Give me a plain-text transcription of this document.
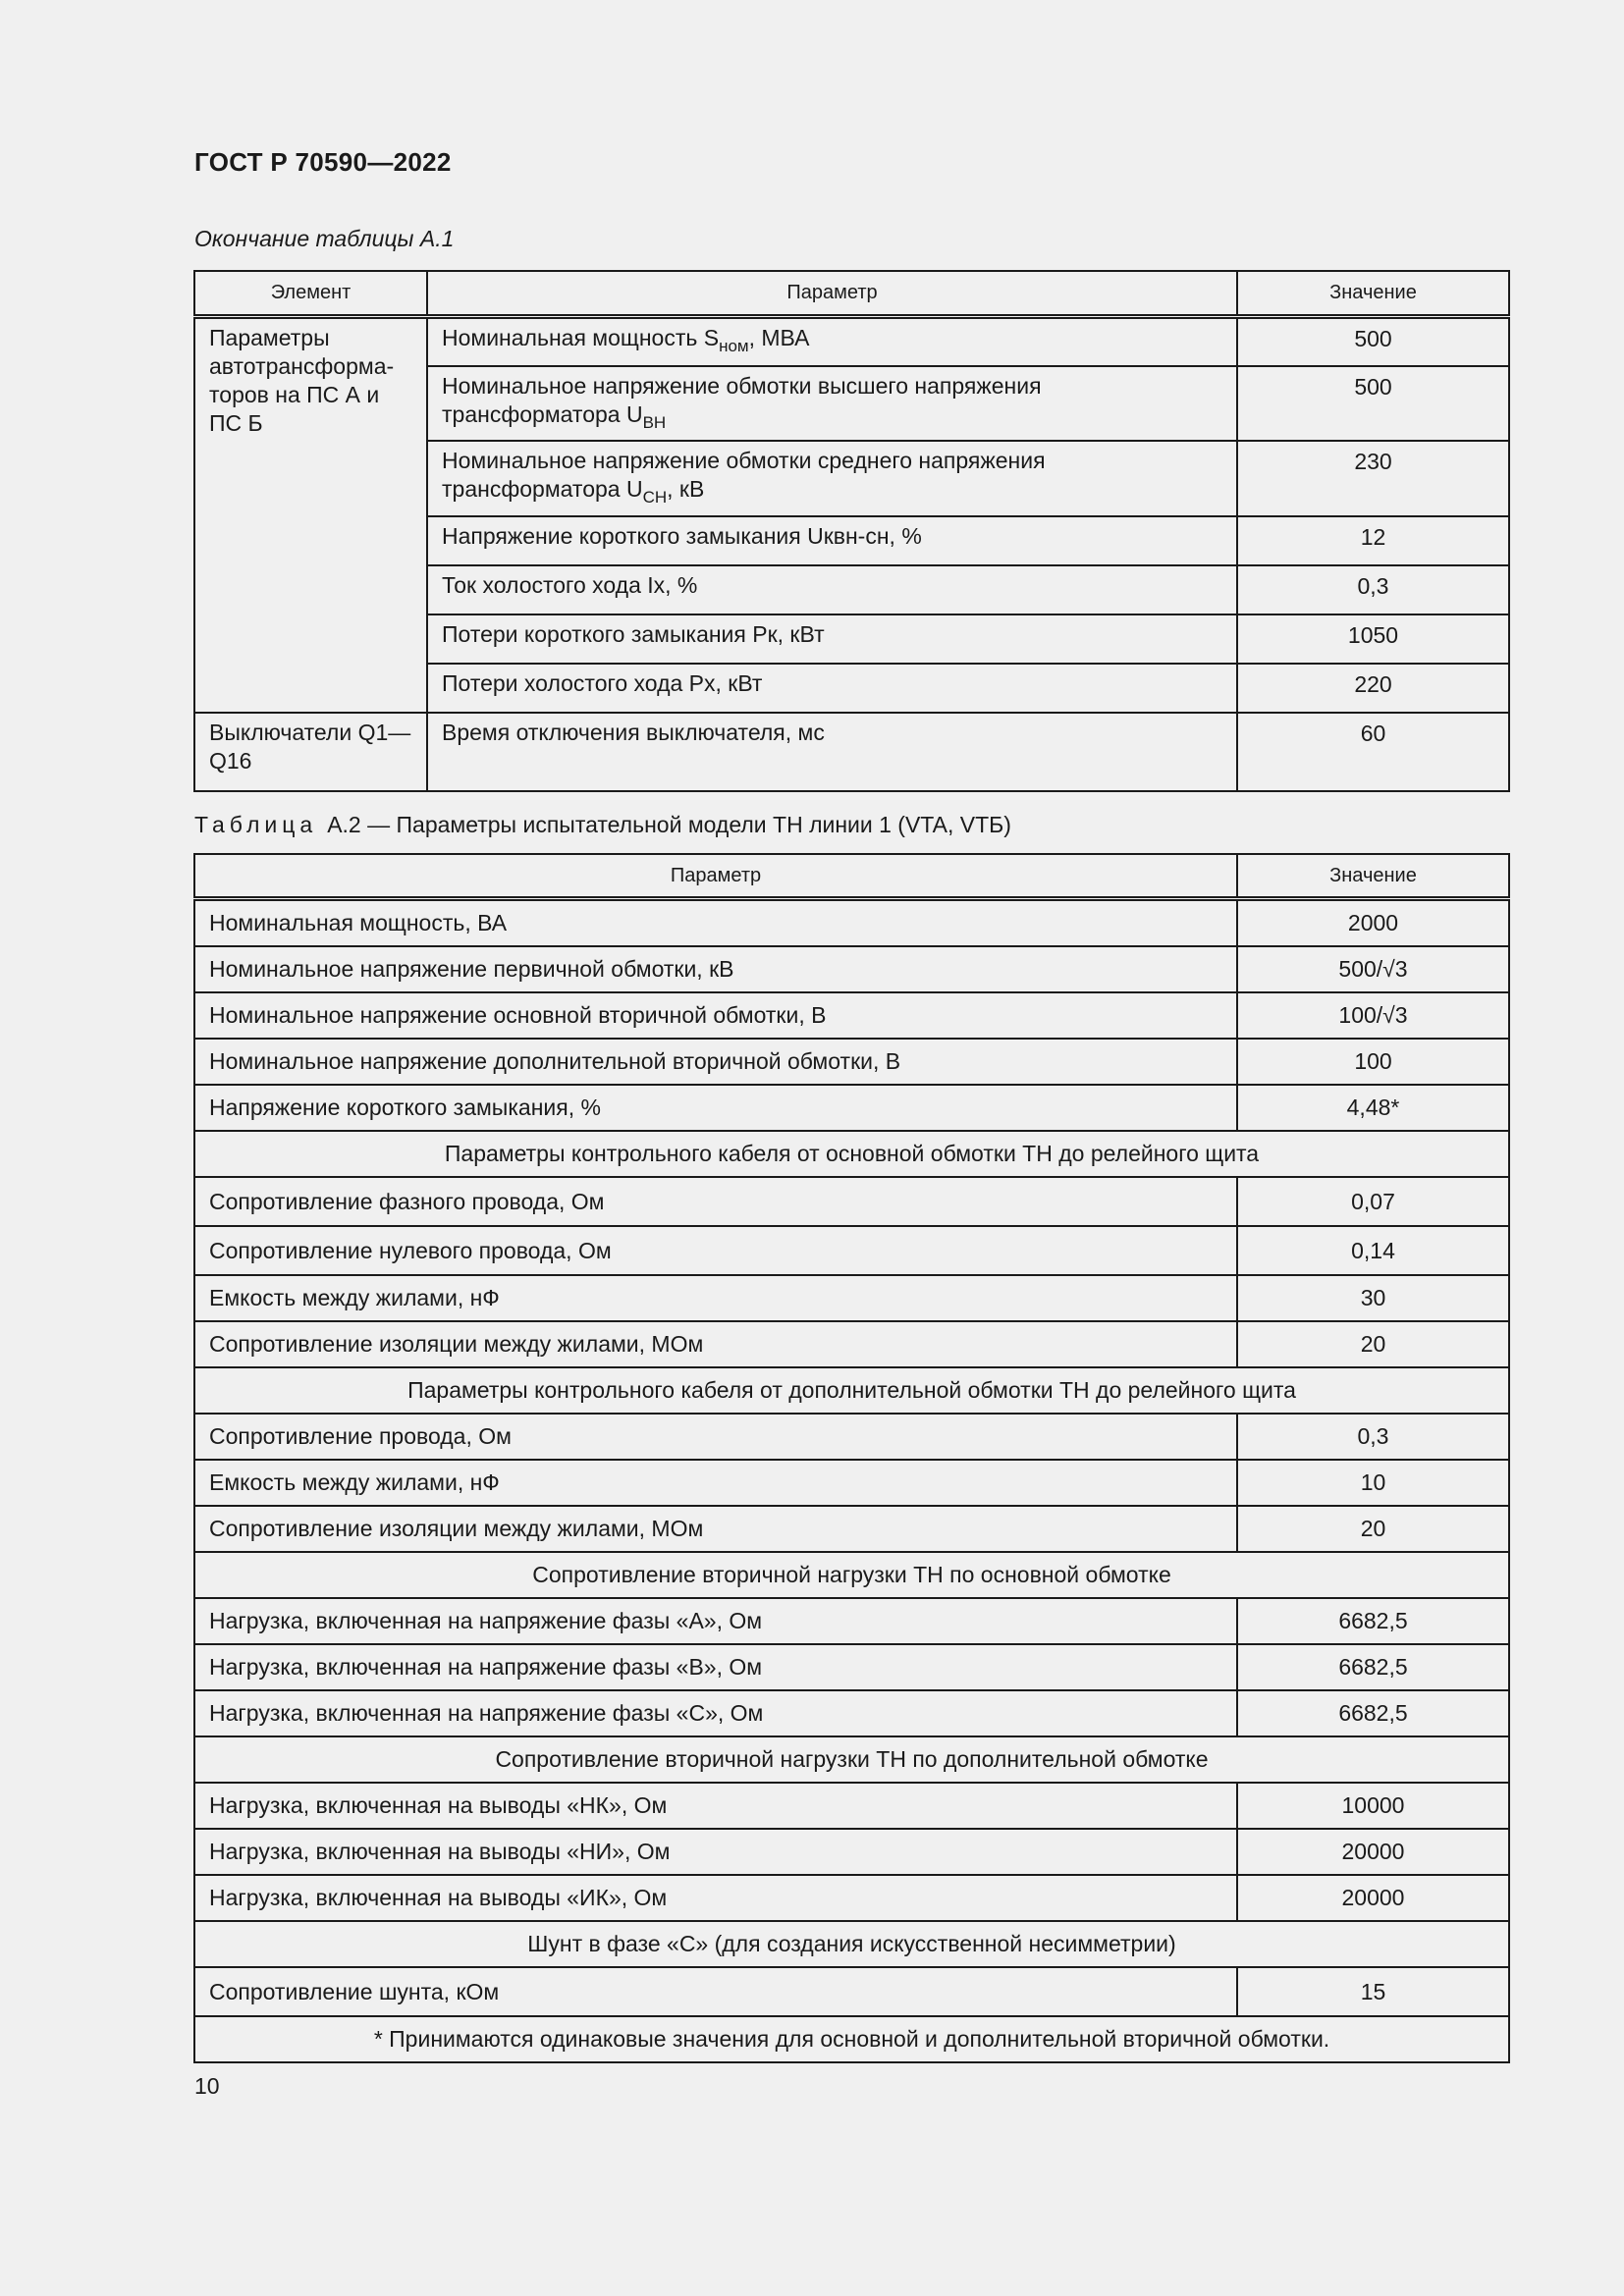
ГОСТ Р 70590—2022
Окончание таблицы А.1
Элемент	Параметр	Значение
Параметры автотрансформа-торов на ПС А и ПС Б	Номинальная мощность $S_{ном}$, МВА	500
	Номинальное напряжение обмотки высшего напряжения трансформатора $U_{ВН}$	500
	Номинальное напряжение обмотки среднего напряжения трансформатора $U_{СН}$, кВ	230
	Напряжение короткого замыкания Uквн-сн, %	12
	Ток холостого хода Iх, %	0,3
	Потери короткого замыкания Рк, кВт	1050
	Потери холостого хода Рх, кВт	220
Выключатели Q1—Q16	Время отключения выключателя, мс	60
Таблица А.2 — Параметры испытательной модели ТН линии 1 (VTA, VTБ)
Параметр	Значение
Номинальная мощность, ВА	2000
Номинальное напряжение первичной обмотки, кВ	500/√3
Номинальное напряжение основной вторичной обмотки, В	100/√3
Номинальное напряжение дополнительной вторичной обмотки, В	100
Напряжение короткого замыкания, %	4,48*
Параметры контрольного кабеля от основной обмотки ТН до релейного щита	
Сопротивление фазного провода, Ом	0,07
Сопротивление нулевого провода, Ом	0,14
Емкость между жилами, нФ	30
Сопротивление изоляции между жилами, МОм	20
Параметры контрольного кабеля от дополнительной обмотки ТН до релейного щита	
Сопротивление провода, Ом	0,3
Емкость между жилами, нФ	10
Сопротивление изоляции между жилами, МОм	20
Сопротивление вторичной нагрузки ТН по основной обмотке	
Нагрузка, включенная на напряжение фазы «А», Ом	6682,5
Нагрузка, включенная на напряжение фазы «В», Ом	6682,5
Нагрузка, включенная на напряжение фазы «С», Ом	6682,5
Сопротивление вторичной нагрузки ТН по дополнительной обмотке	
Нагрузка, включенная на выводы «НК», Ом	10000
Нагрузка, включенная на выводы «НИ», Ом	20000
Нагрузка, включенная на выводы «ИК», Ом	20000
Шунт в фазе «С» (для создания искусственной несимметрии)	
Сопротивление шунта, кОм	15
* Принимаются одинаковые значения для основной и дополнительной вторичной обмотки.	
10
